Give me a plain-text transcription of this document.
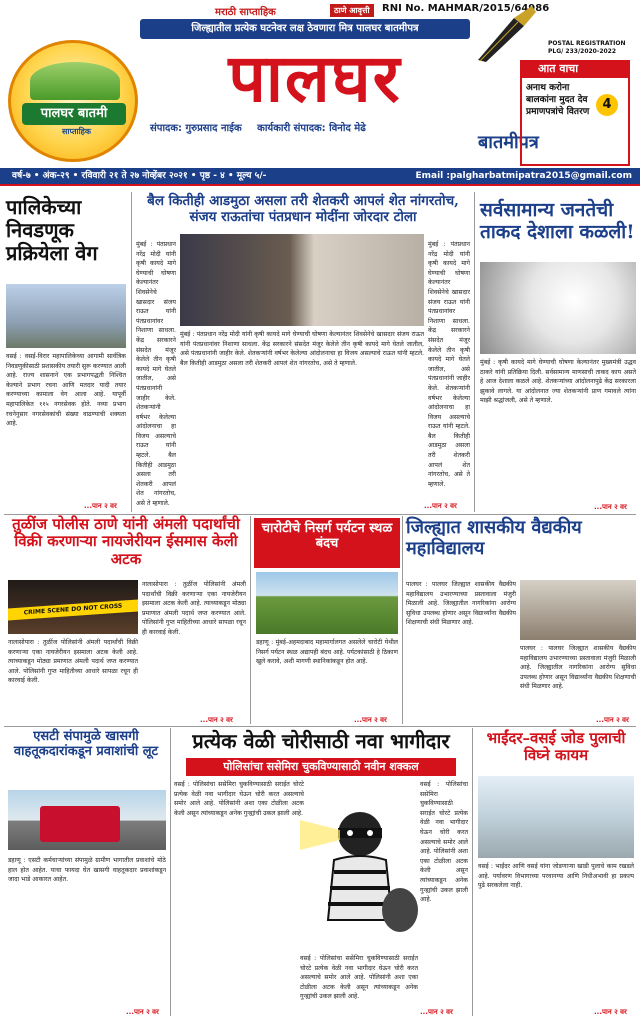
पालघर बातमी
साप्ताहिक
मराठी साप्ताहिक	ठाणे आवृत्ती	RNI No. MAHMAR/2015/64986
जिल्ह्यातील प्रत्येक घटनेवर लक्ष ठेवणारा मित्र पालघर बातमीपत्र
पालघर
संपादक: गुरुप्रसाद नाईक कार्यकारी संपादक: विनोद मेढे
बातमीपत्र
POSTAL REGISTRATION
PLG/ 233/2020-2022
आत वाचा
4
अनाथ करोना बालकांना मुदत देव प्रमाणपत्रांचे वितरण
वर्ष-७ • अंक-२९ • रविवारी २१ ते २७ नोव्हेंबर २०२१ • पृष्ठ - ४ • मूल्य ५/-	Email :palgharbatmipatra2015@gmail.com
पालिकेच्या निवडणूक प्रक्रियेला वेग
वसई : वसई-विरार महापालिकेच्या आगामी सार्वत्रिक निवडणुकीसाठी प्रशासकीय तयारी सुरू करण्यात आली आहे. राज्य शासनाने एक प्रभागपद्धती निश्चित केल्याने प्रभाग रचना आणि मतदार यादी तयार करण्याच्या कामाला वेग आला आहे. यापूर्वी महापालिकेत ११५ नगरसेवक होते. नव्या प्रभाग रचनेनुसार नगरसेवकांची संख्या वाढण्याची शक्यता आहे.
...पान २ वर
बैल कितीही आडमुठा असला तरी शेतकरी आपलं शेत नांगरतोच, संजय राऊतांचा पंतप्रधान मोदींना जोरदार टोला
मुंबई : पंतप्रधान नरेंद्र मोदी यांनी कृषी कायदे मागे घेण्याची घोषणा केल्यानंतर शिवसेनेचे खासदार संजय राऊत यांनी पंतप्रधानांवर निशाणा साधला. केंद्र सरकारने संसदेत मंजूर केलेले तीन कृषी कायदे मागे घेतले जातील, असे पंतप्रधानांनी जाहीर केले. शेतकऱ्यांनी वर्षभर केलेल्या आंदोलनाचा हा विजय असल्याचे राऊत यांनी म्हटले. बैल कितीही आडमुठा असला तरी शेतकरी आपलं शेत नांगरतोच, असे ते म्हणाले.
मुंबई : पंतप्रधान नरेंद्र मोदी यांनी कृषी कायदे मागे घेण्याची घोषणा केल्यानंतर शिवसेनेचे खासदार संजय राऊत यांनी पंतप्रधानांवर निशाणा साधला. केंद्र सरकारने संसदेत मंजूर केलेले तीन कृषी कायदे मागे घेतले जातील, असे पंतप्रधानांनी जाहीर केले. शेतकऱ्यांनी वर्षभर केलेल्या आंदोलनाचा हा विजय असल्याचे राऊत यांनी म्हटले. बैल कितीही आडमुठा असला तरी शेतकरी आपलं शेत नांगरतोच, असे ते म्हणाले.
मुंबई : पंतप्रधान नरेंद्र मोदी यांनी कृषी कायदे मागे घेण्याची घोषणा केल्यानंतर शिवसेनेचे खासदार संजय राऊत यांनी पंतप्रधानांवर निशाणा साधला. केंद्र सरकारने संसदेत मंजूर केलेले तीन कृषी कायदे मागे घेतले जातील, असे पंतप्रधानांनी जाहीर केले. शेतकऱ्यांनी वर्षभर केलेल्या आंदोलनाचा हा विजय असल्याचे राऊत यांनी म्हटले. बैल कितीही आडमुठा असला तरी शेतकरी आपलं शेत नांगरतोच, असे ते म्हणाले.
...पान २ वर
सर्वसामान्य जनतेची ताकद देशाला कळली!
मुंबई : कृषी कायदे मागे घेण्याची घोषणा केल्यानंतर मुख्यमंत्री उद्धव ठाकरे यांनी प्रतिक्रिया दिली. सर्वसामान्य माणसाची ताकद काय असते हे आज देशाला कळले आहे. शेतकऱ्यांच्या आंदोलनापुढे केंद्र सरकारला झुकावे लागले. या आंदोलनात ज्या शेतकऱ्यांनी प्राण गमावले त्यांना माझी श्रद्धांजली, असे ते म्हणाले.
...पान २ वर
तुळींज पोलीस ठाणे यांनी अंमली पदार्थांची विक्री करणाऱ्या नायजेरीयन ईसमास केली अटक
CRIME SCENE DO NOT CROSS
नालासोपारा : तुळींज पोलिसांनी अंमली पदार्थांची विक्री करणाऱ्या एका नायजेरीयन इसमाला अटक केली आहे. त्याच्याकडून मोठ्या प्रमाणात अंमली पदार्थ जप्त करण्यात आले. पोलिसांनी गुप्त माहितीच्या आधारे सापळा रचून ही कारवाई केली.
नालासोपारा : तुळींज पोलिसांनी अंमली पदार्थांची विक्री करणाऱ्या एका नायजेरीयन इसमाला अटक केली आहे. त्याच्याकडून मोठ्या प्रमाणात अंमली पदार्थ जप्त करण्यात आले. पोलिसांनी गुप्त माहितीच्या आधारे सापळा रचून ही कारवाई केली.
...पान २ वर
चारोटीचे निसर्ग पर्यटन स्थळ बंदच
डहाणू : मुंबई-अहमदाबाद महामार्गालगत असलेले चारोटी येथील निसर्ग पर्यटन स्थळ अद्यापही बंदच आहे. पर्यटकांसाठी हे ठिकाण खुले करावे, अशी मागणी स्थानिकांकडून होत आहे.
...पान २ वर
जिल्ह्यात शासकीय वैद्यकीय महाविद्यालय
पालघर : पालघर जिल्ह्यात शासकीय वैद्यकीय महाविद्यालय उभारण्याच्या प्रस्तावाला मंजुरी मिळाली आहे. जिल्ह्यातील नागरिकांना आरोग्य सुविधा उपलब्ध होणार असून विद्यार्थ्यांना वैद्यकीय शिक्षणाची संधी मिळणार आहे.
पालघर : पालघर जिल्ह्यात शासकीय वैद्यकीय महाविद्यालय उभारण्याच्या प्रस्तावाला मंजुरी मिळाली आहे. जिल्ह्यातील नागरिकांना आरोग्य सुविधा उपलब्ध होणार असून विद्यार्थ्यांना वैद्यकीय शिक्षणाची संधी मिळणार आहे.
...पान २ वर
एसटी संपामुळे खासगी वाहतूकदारांकडून प्रवाशांची लूट
डहाणू : एसटी कर्मचाऱ्यांच्या संपामुळे ग्रामीण भागातील प्रवाशांचे मोठे हाल होत आहेत. याचा फायदा घेत खासगी वाहतूकदार प्रवाशांकडून जादा भाडे आकारत आहेत.
...पान २ वर
प्रत्येक वेळी चोरीसाठी नवा भागीदार
पोलिसांचा ससेमिरा चुकविण्यासाठी नवीन शक्कल
वसई : पोलिसांचा ससेमिरा चुकविण्यासाठी सराईत चोरटे प्रत्येक वेळी नवा भागीदार घेऊन चोरी करत असल्याचे समोर आले आहे. पोलिसांनी अशा एका टोळीला अटक केली असून त्यांच्याकडून अनेक गुन्ह्यांची उकल झाली आहे.
वसई : पोलिसांचा ससेमिरा चुकविण्यासाठी सराईत चोरटे प्रत्येक वेळी नवा भागीदार घेऊन चोरी करत असल्याचे समोर आले आहे. पोलिसांनी अशा एका टोळीला अटक केली असून त्यांच्याकडून अनेक गुन्ह्यांची उकल झाली आहे.
वसई : पोलिसांचा ससेमिरा चुकविण्यासाठी सराईत चोरटे प्रत्येक वेळी नवा भागीदार घेऊन चोरी करत असल्याचे समोर आले आहे. पोलिसांनी अशा एका टोळीला अटक केली असून त्यांच्याकडून अनेक गुन्ह्यांची उकल झाली आहे.
...पान २ वर
भाईंदर–वसई जोड पुलाची विघ्ने कायम
वसई : भाईंदर आणि वसई यांना जोडणाऱ्या खाडी पुलाचे काम रखडले आहे. पर्यावरण विभागाच्या परवानग्या आणि निधीअभावी हा प्रकल्प पुढे सरकलेला नाही.
...पान २ वर
